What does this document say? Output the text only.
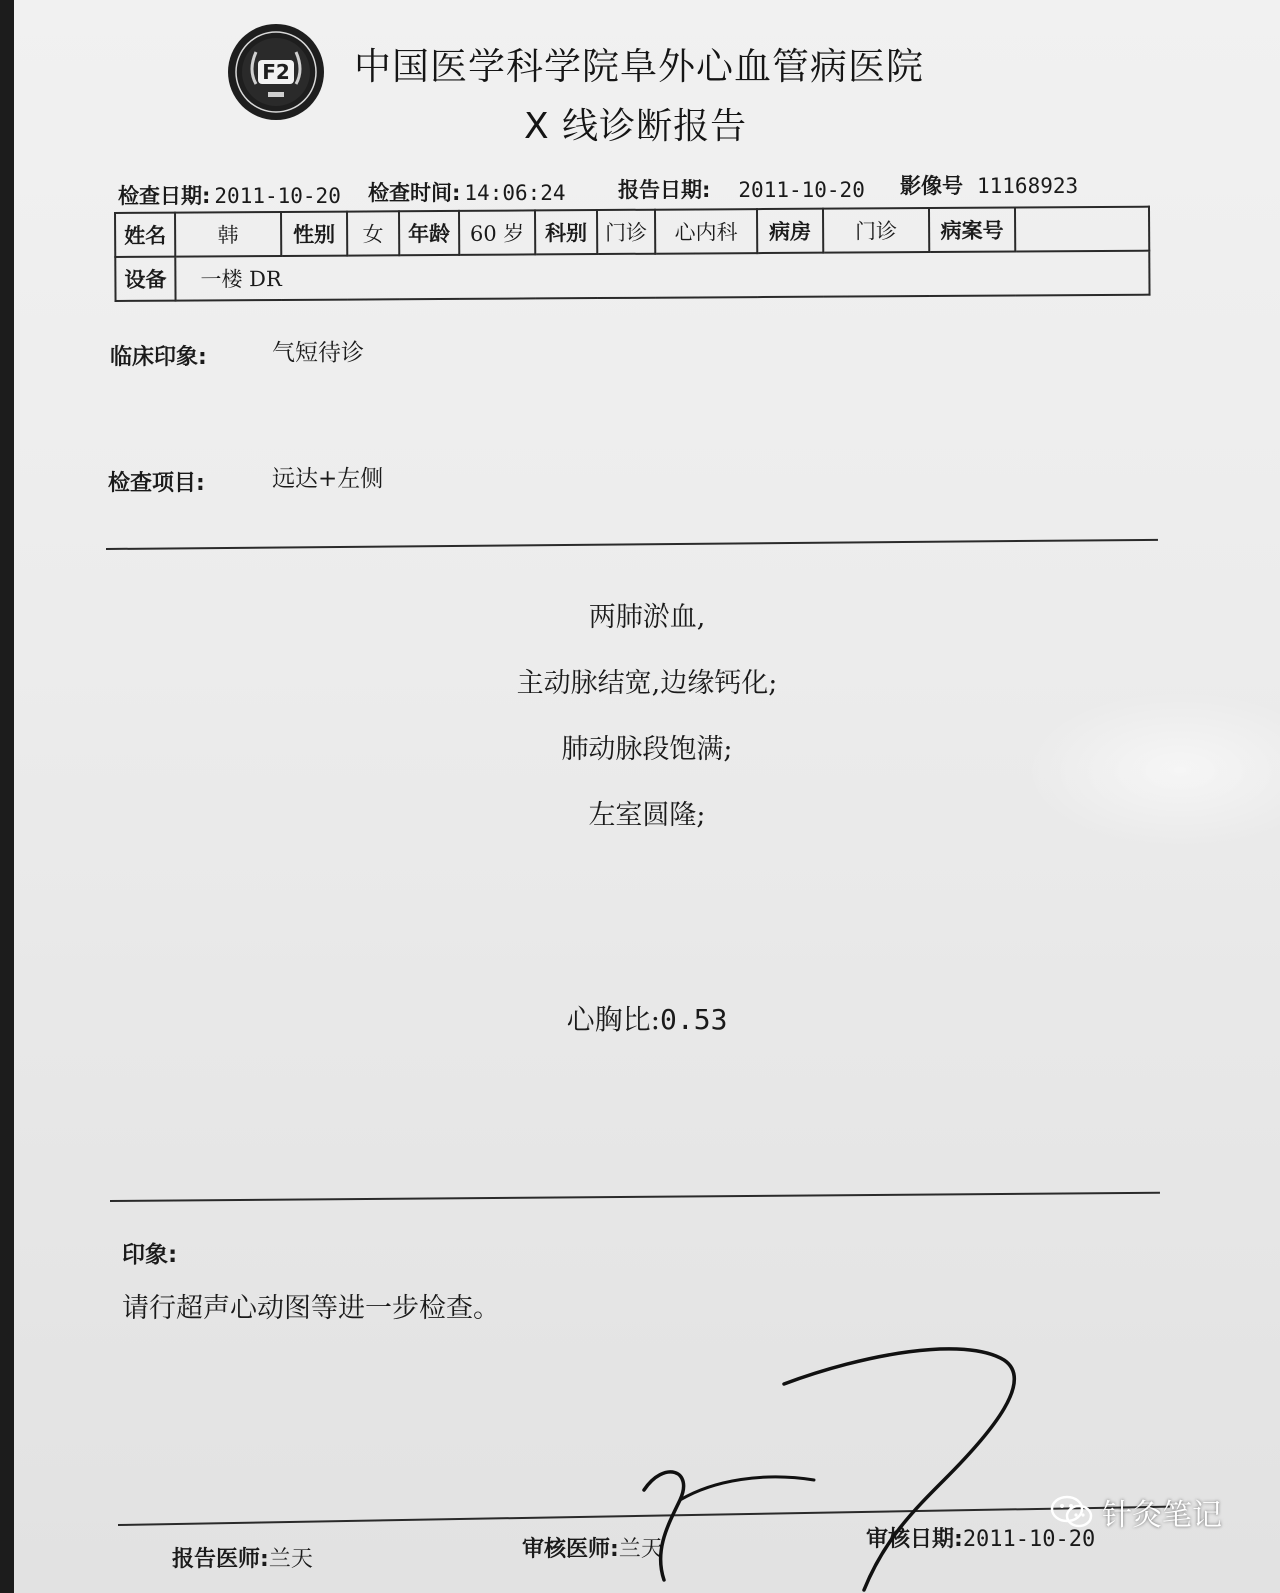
F2 中国医学科学院阜外心血管病医院
X 线诊断报告
检查日期: 2011-10-20 检查时间: 14:06:24 报告日期: 2011-10-20 影像号 11168923
姓名	韩	性别	女	年龄	60 岁	科别	门诊	心内科	病房	门诊	病案号	
设备	一楼 DR											
临床印象:	气短待诊
检查项目:	远达+左侧
两肺淤血,
主动脉结宽,边缘钙化;
肺动脉段饱满;
左室圆隆;
心胸比:0.53
印象:
请行超声心动图等进一步检查。
报告医师:兰天	审核医师:兰天	审核日期:2011-10-20
针灸笔记
